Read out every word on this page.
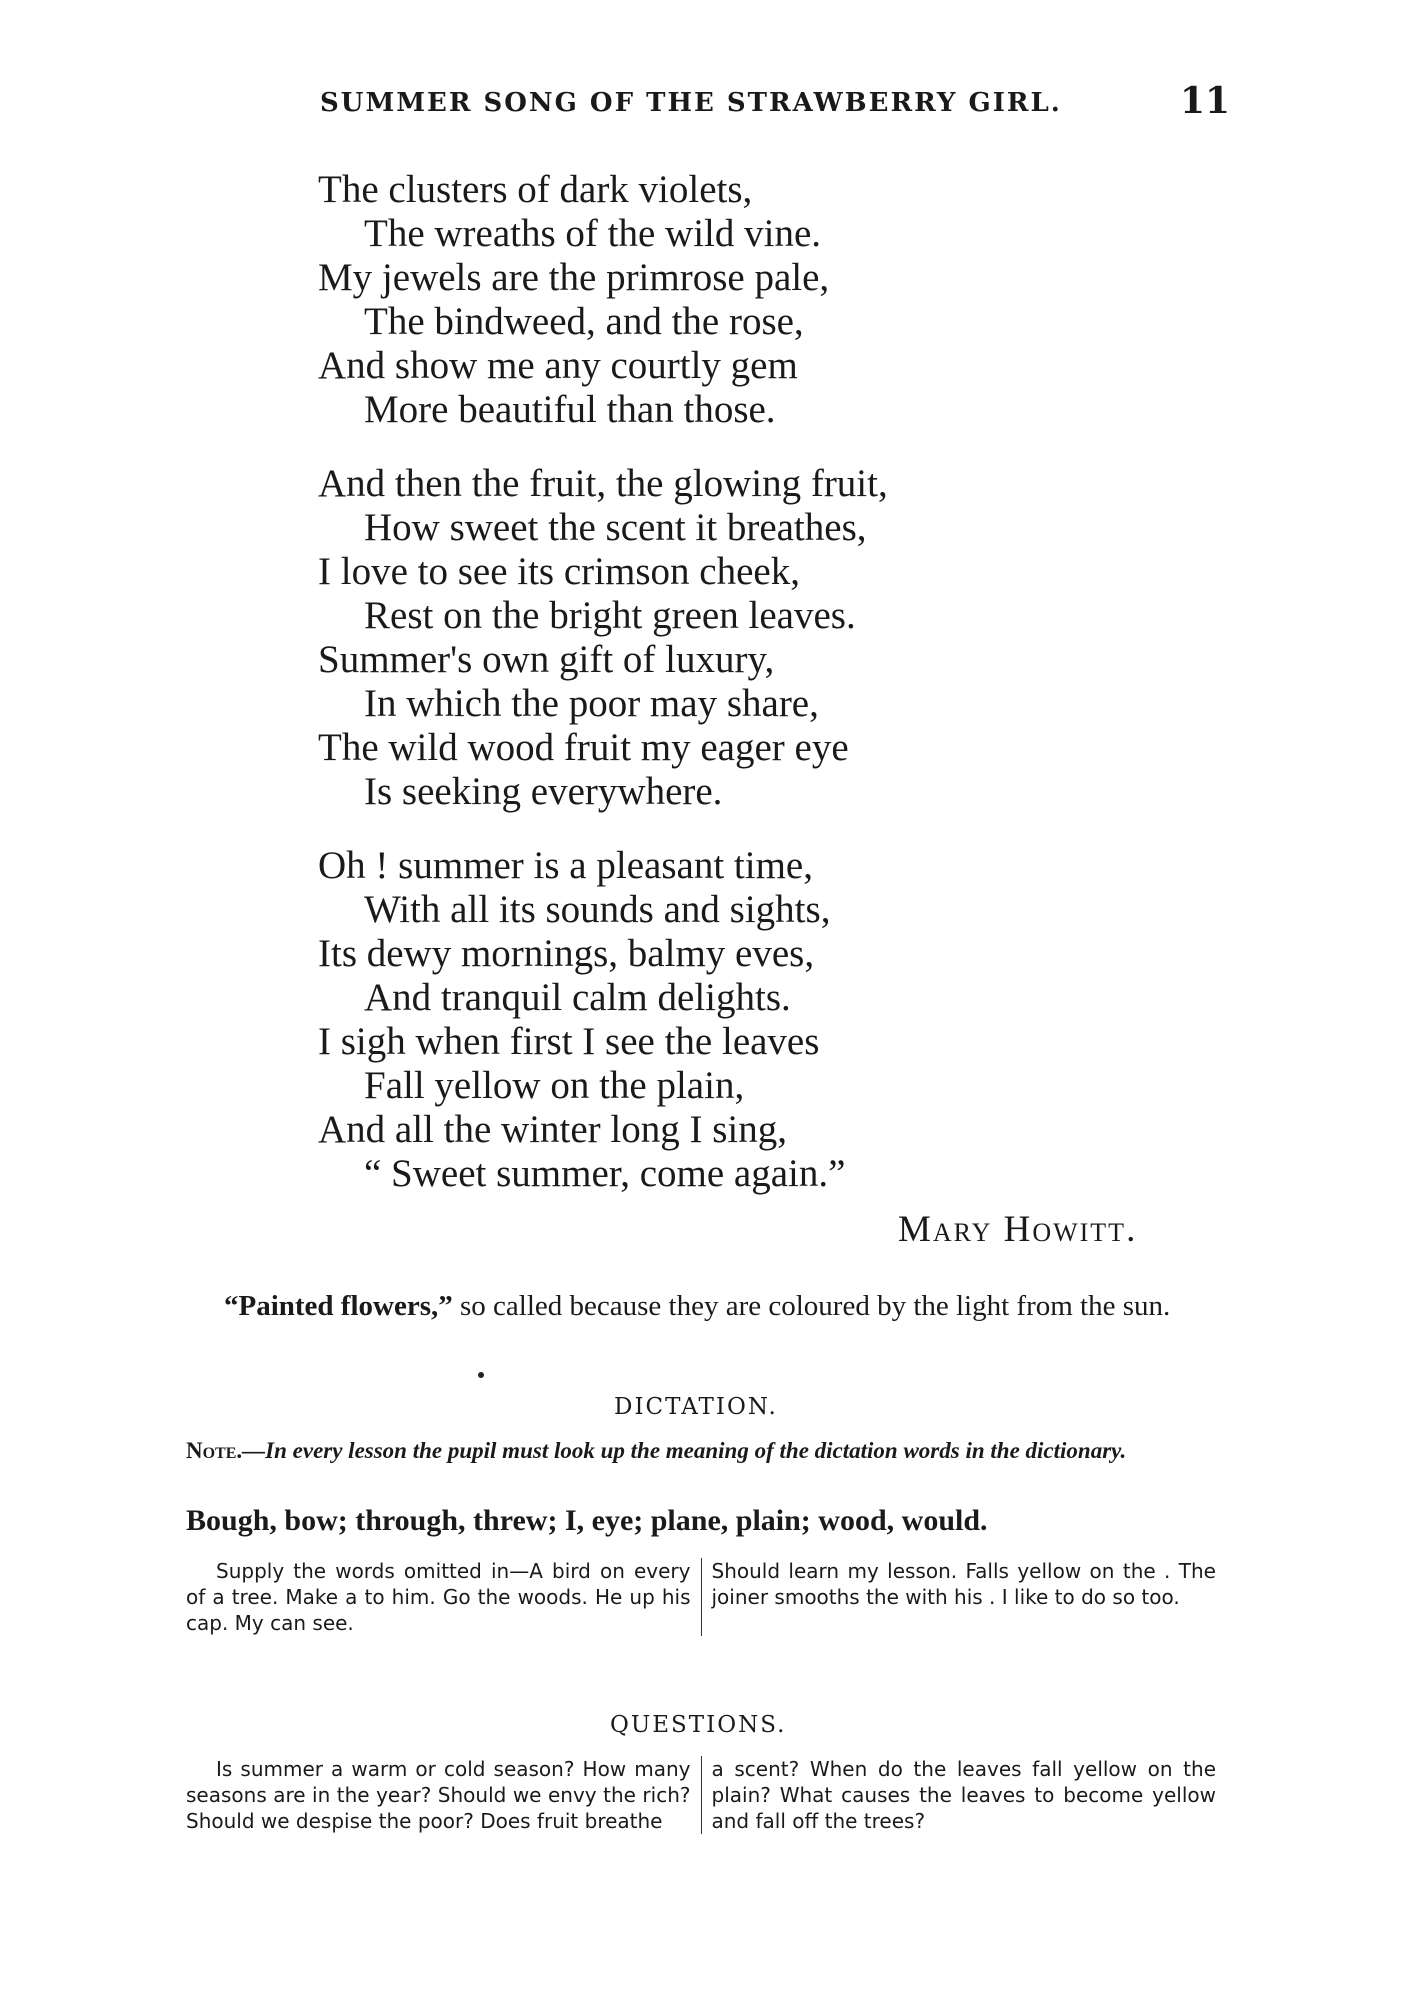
SUMMER SONG OF THE STRAWBERRY GIRL.	11
The clusters of dark violets,
The wreaths of the wild vine.
My jewels are the primrose pale,
The bindweed, and the rose,
And show me any courtly gem
More beautiful than those.
And then the fruit, the glowing fruit,
How sweet the scent it breathes,
I love to see its crimson cheek,
Rest on the bright green leaves.
Summer's own gift of luxury,
In which the poor may share,
The wild wood fruit my eager eye
Is seeking everywhere.
Oh ! summer is a pleasant time,
With all its sounds and sights,
Its dewy mornings, balmy eves,
And tranquil calm delights.
I sigh when first I see the leaves
Fall yellow on the plain,
And all the winter long I sing,
“ Sweet summer, come again.”
Mary Howitt.
“Painted flowers,” so called because they are coloured by the light from the sun.
DICTATION.
Note.—In every lesson the pupil must look up the meaning of the dictation words in the dictionary.
Bough, bow; through, threw; I, eye; plane, plain; wood, would.
Supply the words omitted in—A bird on every of a tree. Make a to him. Go the woods. He up his cap. My can see.
Should learn my lesson. Falls yellow on the . The joiner smooths the with his . I like to do so too.
QUESTIONS.
Is summer a warm or cold season? How many seasons are in the year? Should we envy the rich? Should we despise the poor? Does fruit breathe
a scent? When do the leaves fall yellow on the plain? What causes the leaves to become yellow and fall off the trees?
